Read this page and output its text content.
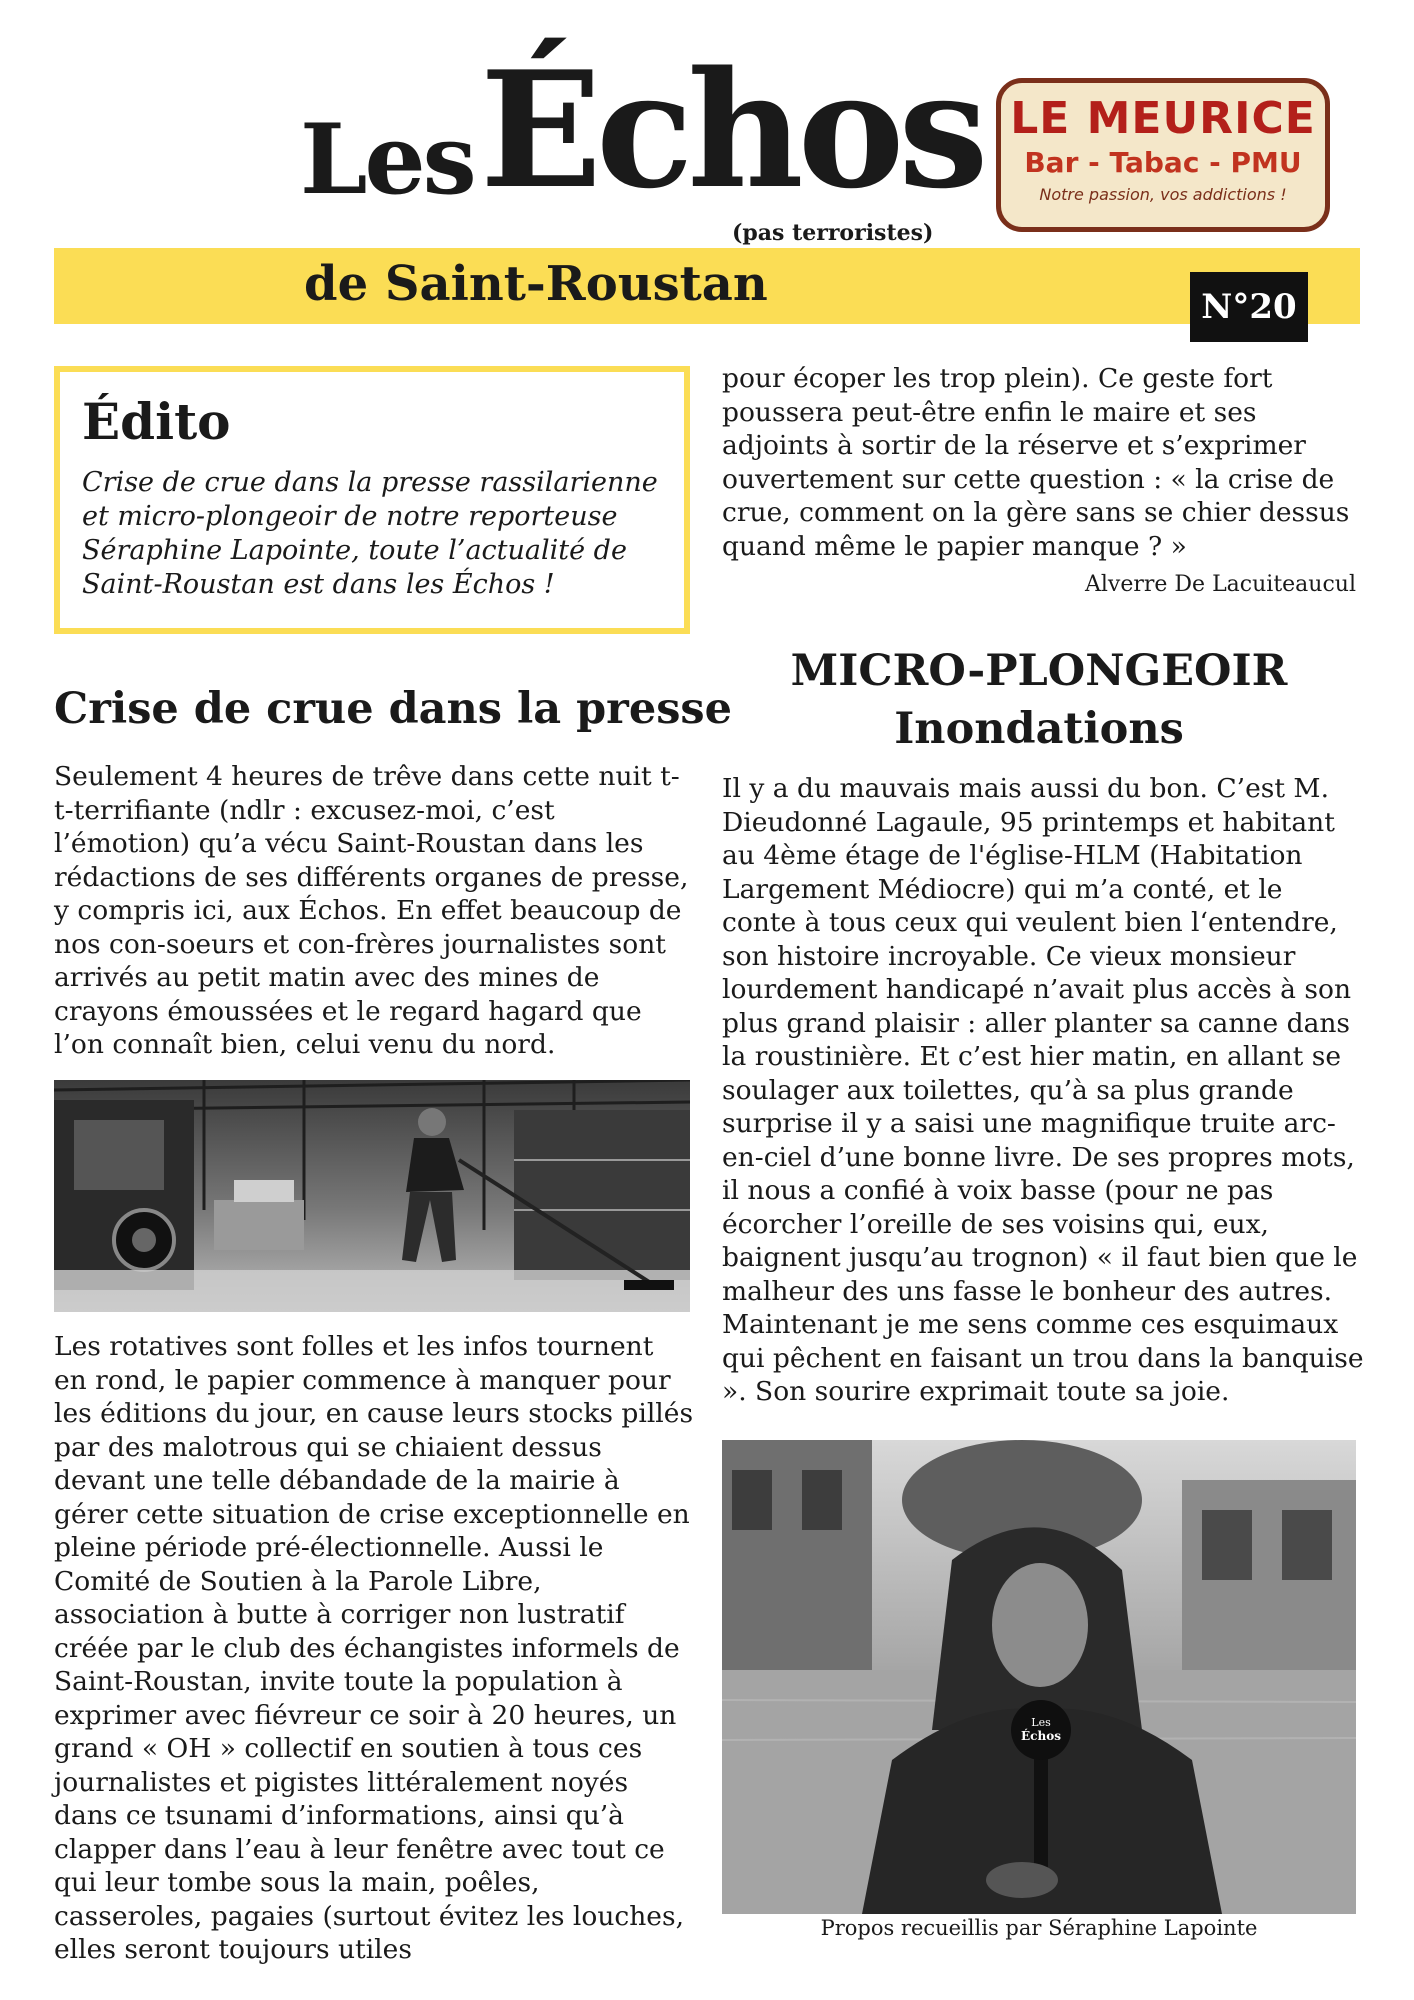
Les Échos
(pas terroristes)
de Saint-Roustan	N°20
LE MEURICE
Bar - Tabac - PMU
Notre passion, vos addictions !
Édito

Crise de crue dans la presse rassilarienne et micro-plongeoir de notre reporteuse Séraphine Lapointe, toute l’actualité de Saint-Roustan est dans les Échos !

Crise de crue dans la presse

Seulement 4 heures de trêve dans cette nuit t-t-terrifiante (ndlr : excusez-moi, c’est l’émotion) qu’a vécu Saint-Roustan dans les rédactions de ses différents organes de presse, y compris ici, aux Échos. En effet beaucoup de nos con-soeurs et con-frères journalistes sont arrivés au petit matin avec des mines de crayons émoussées et le regard hagard que l’on connaît bien, celui venu du nord.

Les rotatives sont folles et les infos tournent en rond, le papier commence à manquer pour les éditions du jour, en cause leurs stocks pillés par des malotrous qui se chiaient dessus devant une telle débandade de la mairie à gérer cette situation de crise exceptionnelle en pleine période pré-électionnelle. Aussi le Comité de Soutien à la Parole Libre, association à butte à corriger non lustratif créée par le club des échangistes informels de Saint-Roustan, invite toute la population à exprimer avec fiévreur ce soir à 20 heures, un grand « OH » collectif en soutien à tous ces journalistes et pigistes littéralement noyés dans ce tsunami d’informations, ainsi qu’à clapper dans l’eau à leur fenêtre avec tout ce qui leur tombe sous la main, poêles, casseroles, pagaies (surtout évitez les louches, elles seront toujours utiles

pour écoper les trop plein). Ce geste fort poussera peut-être enfin le maire et ses adjoints à sortir de la réserve et s’exprimer ouvertement sur cette question : « la crise de crue, comment on la gère sans se chier dessus quand même le papier manque ? »

Alverre De Lacuiteaucul
MICRO-PLONGEOIR
Inondations

Il y a du mauvais mais aussi du bon. C’est M. Dieudonné Lagaule, 95 printemps et habitant au 4ème étage de l'église-HLM (Habitation Largement Médiocre) qui m’a conté, et le conte à tous ceux qui veulent bien l‘entendre, son histoire incroyable. Ce vieux monsieur lourdement handicapé n’avait plus accès à son plus grand plaisir : aller planter sa canne dans la roustinière. Et c’est hier matin, en allant se soulager aux toilettes, qu’à sa plus grande surprise il y a saisi une magnifique truite arc-en-ciel d’une bonne livre. De ses propres mots, il nous a confié à voix basse (pour ne pas écorcher l’oreille de ses voisins qui, eux, baignent jusqu’au trognon) « il faut bien que le malheur des uns fasse le bonheur des autres. Maintenant je me sens comme ces esquimaux qui pêchent en faisant un trou dans la banquise ». Son sourire exprimait toute sa joie.

Les
Échos
Propos recueillis par Séraphine Lapointe
